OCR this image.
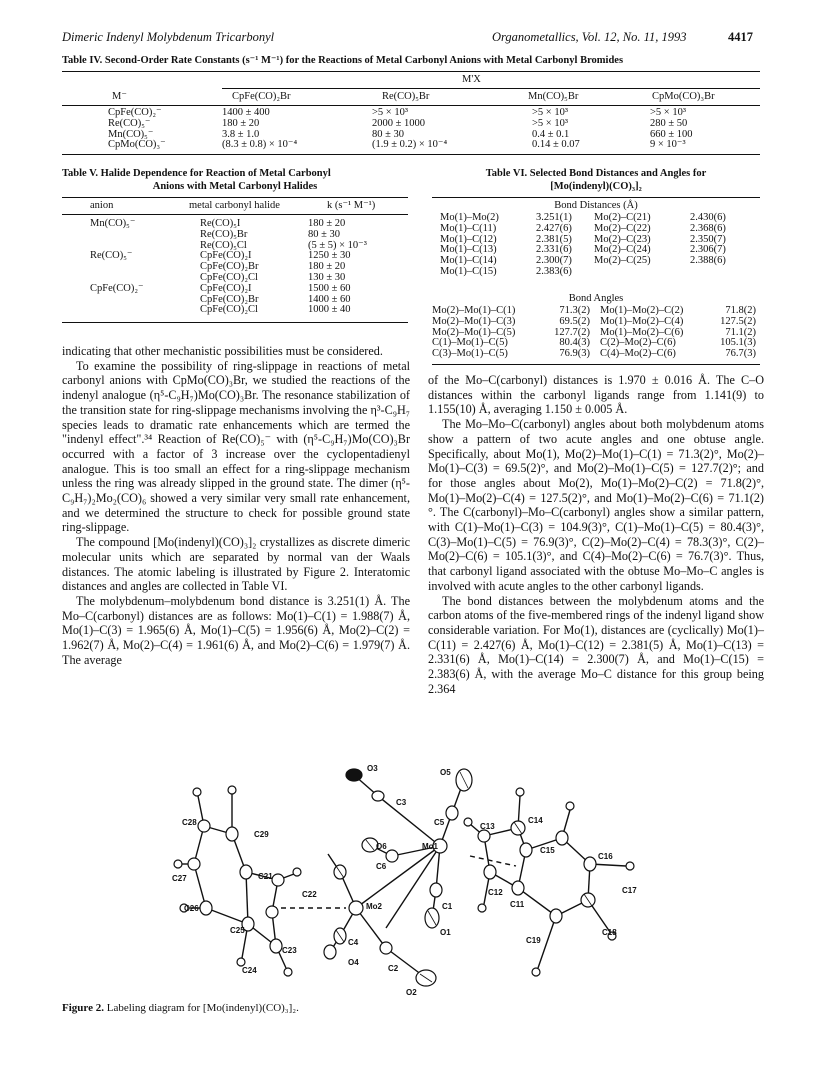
Dimeric Indenyl Molybdenum Tricarbonyl	Organometallics, Vol. 12, No. 11, 1993	4417
Table IV. Second-Order Rate Constants (s⁻¹ M⁻¹) for the Reactions of Metal Carbonyl Anions with Metal Carbonyl Bromides
M'X
M⁻	CpFe(CO)₂Br	Re(CO)₅Br	Mn(CO)₅Br	CpMo(CO)₃Br
CpFe(CO)₂⁻	1400 ± 400	>5 × 10³	>5 × 10³	>5 × 10³
Re(CO)₅⁻	180 ± 20	2000 ± 1000	>5 × 10³	280 ± 50
Mn(CO)₅⁻	3.8 ± 1.0	80 ± 30	0.4 ± 0.1	660 ± 100
CpMo(CO)₃⁻	(8.3 ± 0.8) × 10⁻⁴	(1.9 ± 0.2) × 10⁻⁴	0.14 ± 0.07	9 × 10⁻³
Table V. Halide Dependence for Reaction of Metal Carbonyl
Anions with Metal Carbonyl Halides
anion	metal carbonyl halide	k (s⁻¹ M⁻¹)
Mn(CO)₅⁻	Re(CO)₅I	180 ± 20
	Re(CO)₅Br	80 ± 30
	Re(CO)₅Cl	(5 ± 5) × 10⁻³
Re(CO)₅⁻	CpFe(CO)₂I	1250 ± 30
	CpFe(CO)₂Br	180 ± 20
	CpFe(CO)₂Cl	130 ± 30
CpFe(CO)₂⁻	CpFe(CO)₂I	1500 ± 60
	CpFe(CO)₂Br	1400 ± 60
	CpFe(CO)₂Cl	1000 ± 40
Table VI. Selected Bond Distances and Angles for
[Mo(indenyl)(CO)₃]₂
Bond Distances (Å)
Mo(1)–Mo(2)	3.251(1)	Mo(2)–C(21)	2.430(6)
Mo(1)–C(11)	2.427(6)	Mo(2)–C(22)	2.368(6)
Mo(1)–C(12)	2.381(5)	Mo(2)–C(23)	2.350(7)
Mo(1)–C(13)	2.331(6)	Mo(2)–C(24)	2.306(7)
Mo(1)–C(14)	2.300(7)	Mo(2)–C(25)	2.388(6)
Mo(1)–C(15)	2.383(6)		
Bond Angles
Mo(2)–Mo(1)–C(1)	71.3(2)	Mo(1)–Mo(2)–C(2)	71.8(2)
Mo(2)–Mo(1)–C(3)	69.5(2)	Mo(1)–Mo(2)–C(4)	127.5(2)
Mo(2)–Mo(1)–C(5)	127.7(2)	Mo(1)–Mo(2)–C(6)	71.1(2)
C(1)–Mo(1)–C(5)	80.4(3)	C(2)–Mo(2)–C(6)	105.1(3)
C(3)–Mo(1)–C(5)	76.9(3)	C(4)–Mo(2)–C(6)	76.7(3)

indicating that other mechanistic possibilities must be considered.

To examine the possibility of ring-slippage in reactions of metal carbonyl anions with CpMo(CO)₃Br, we studied the reactions of the indenyl analogue (η⁵-C₉H₇)Mo(CO)₃Br. The resonance stabilization of the transition state for ring-slippage mechanisms involving the η³-C₉H₇ species leads to dramatic rate enhancements which are termed the "indenyl effect".³⁴ Reaction of Re(CO)₅⁻ with (η⁵-C₉H₇)Mo(CO)₃Br occurred with a factor of 3 increase over the cyclopentadienyl analogue. This is too small an effect for a ring-slippage mechanism unless the ring was already slipped in the ground state. The dimer (η⁵-C₉H₇)₂Mo₂(CO)₆ showed a very similar very small rate enhancement, and we determined the structure to check for possible ground state ring-slippage.

The compound [Mo(indenyl)(CO)₃]₂ crystallizes as discrete dimeric molecular units which are separated by normal van der Waals distances. The atomic labeling is illustrated by Figure 2. Interatomic distances and angles are collected in Table VI.

The molybdenum–molybdenum bond distance is 3.251(1) Å. The Mo–C(carbonyl) distances are as follows: Mo(1)–C(1) = 1.988(7) Å, Mo(1)–C(3) = 1.965(6) Å, Mo(1)–C(5) = 1.956(6) Å, Mo(2)–C(2) = 1.962(7) Å, Mo(2)–C(4) = 1.961(6) Å, and Mo(2)–C(6) = 1.979(7) Å. The average

of the Mo–C(carbonyl) distances is 1.970 ± 0.016 Å. The C–O distances within the carbonyl ligands range from 1.141(9) to 1.155(10) Å, averaging 1.150 ± 0.005 Å.

The Mo–Mo–C(carbonyl) angles about both molybdenum atoms show a pattern of two acute angles and one obtuse angle. Specifically, about Mo(1), Mo(2)–Mo(1)–C(1) = 71.3(2)°, Mo(2)–Mo(1)–C(3) = 69.5(2)°, and Mo(2)–Mo(1)–C(5) = 127.7(2)°; and for those angles about Mo(2), Mo(1)–Mo(2)–C(2) = 71.8(2)°, Mo(1)–Mo(2)–C(4) = 127.5(2)°, and Mo(1)–Mo(2)–C(6) = 71.1(2)°. The C(carbonyl)–Mo–C(carbonyl) angles show a similar pattern, with C(1)–Mo(1)–C(3) = 104.9(3)°, C(1)–Mo(1)–C(5) = 80.4(3)°, C(3)–Mo(1)–C(5) = 76.9(3)°, C(2)–Mo(2)–C(4) = 78.3(3)°, C(2)–Mo(2)–C(6) = 105.1(3)°, and C(4)–Mo(2)–C(6) = 76.7(3)°. Thus, that carbonyl ligand associated with the obtuse Mo–Mo–C angles is involved with acute angles to the other carbonyl ligands.

The bond distances between the molybdenum atoms and the carbon atoms of the five-membered rings of the indenyl ligand show considerable variation. For Mo(1), distances are (cyclically) Mo(1)–C(11) = 2.427(6) Å, Mo(1)–C(12) = 2.381(5) Å, Mo(1)–C(13) = 2.331(6) Å, Mo(1)–C(14) = 2.300(7) Å, and Mo(1)–C(15) = 2.383(6) Å, with the average Mo–C distance for this group being 2.364

O3	O5
C3
C5	C13
C14
C15
C16
C17
O6
C6
Mo1
C12
C11
C1
O1
C29
C28
C21
C27
C22
C26	Mo2
C25
C23
C24
C4
O4
C2
O2
C19
C18
Figure 2. Labeling diagram for [Mo(indenyl)(CO)₃]₂.
